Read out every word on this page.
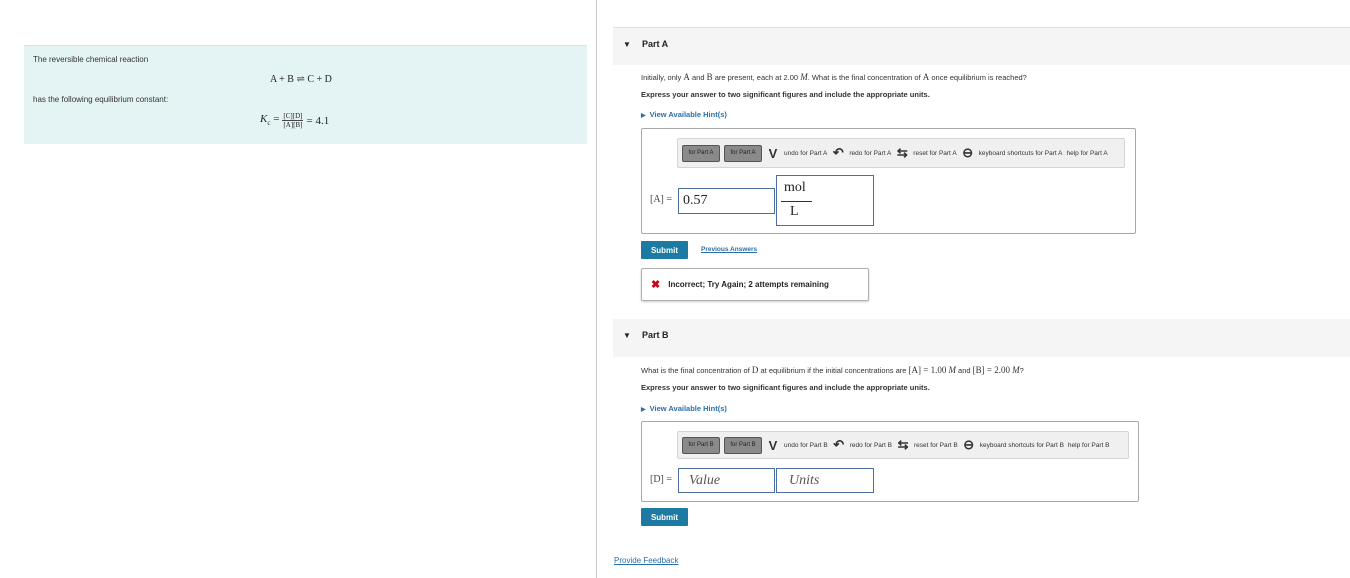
The reversible chemical reaction
A + B ⇌ C + D
has the following equilibrium constant:
$K_c = \frac{[C][D]}{[A][B]} = 4.1$
▼ Part A
Initially, only A and B are present, each at 2.00 M. What is the final concentration of A once equilibrium is reached?
Express your answer to two significant figures and include the appropriate units.
▶ View Available Hint(s)
for Part A	for Part A	V	undo for Part A ↶ redo for Part A ⇆ reset for Part A ⊖ keyboard shortcuts for Part A help for Part A
[A] = 0.57
mol
L
Submit	Previous Answers
✖ Incorrect; Try Again; 2 attempts remaining
▼ Part B
What is the final concentration of D at equilibrium if the initial concentrations are [A] = 1.00 M and [B] = 2.00 M?
Express your answer to two significant figures and include the appropriate units.
▶ View Available Hint(s)
for Part B	for Part B V	undo for Part B ↶ redo for Part B ⇆ reset for Part B ⊖ keyboard shortcuts for Part B help for Part B
[D] = Value	Units
Submit
Provide Feedback
